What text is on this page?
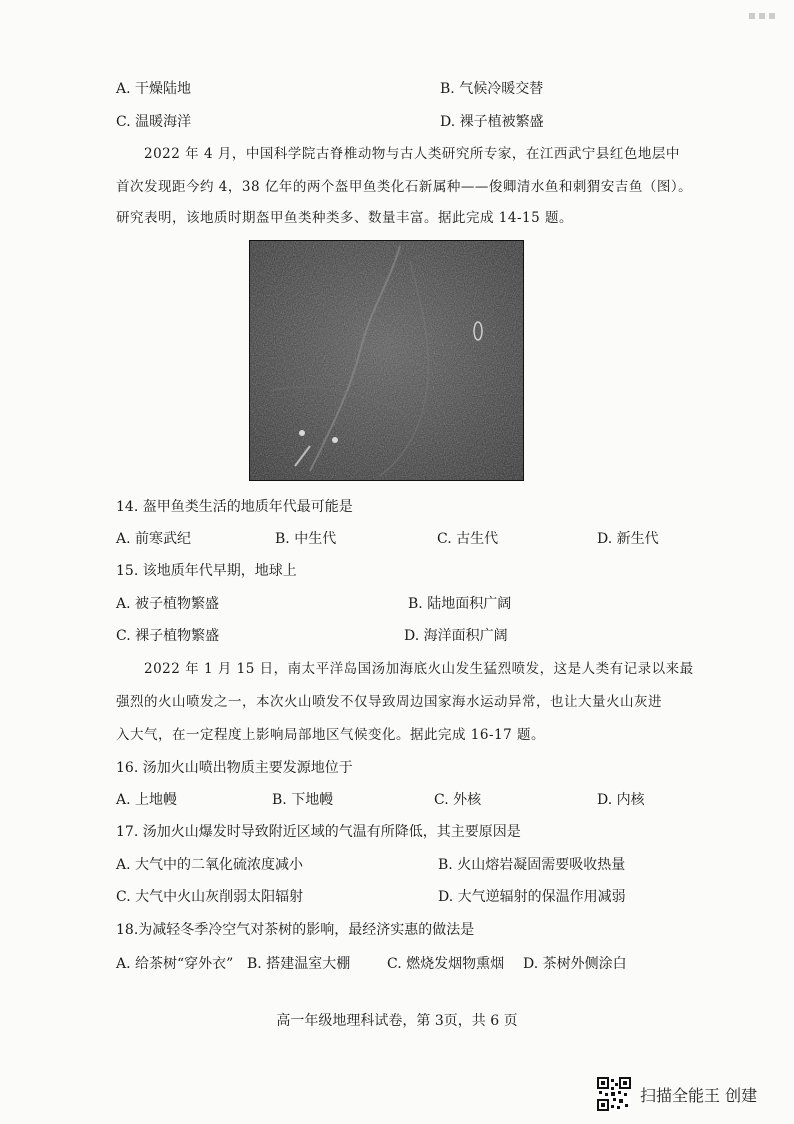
A. 干燥陆地	B. 气候冷暖交替
C. 温暖海洋	D. 裸子植被繁盛
2022 年 4 月，中国科学院古脊椎动物与古人类研究所专家，在江西武宁县红色地层中
首次发现距今约 4，38 亿年的两个盔甲鱼类化石新属种——俊卿清水鱼和刺猬安吉鱼（图）。
研究表明，该地质时期盔甲鱼类种类多、数量丰富。据此完成 14-15 题。
14. 盔甲鱼类生活的地质年代最可能是
A. 前寒武纪	B. 中生代	C. 古生代	D. 新生代
15. 该地质年代早期，地球上
A. 被子植物繁盛	B. 陆地面积广阔
C. 裸子植物繁盛	D. 海洋面积广阔
2022 年 1 月 15 日，南太平洋岛国汤加海底火山发生猛烈喷发，这是人类有记录以来最
强烈的火山喷发之一，本次火山喷发不仅导致周边国家海水运动异常，也让大量火山灰进
入大气，在一定程度上影响局部地区气候变化。据此完成 16-17 题。
16. 汤加火山喷出物质主要发源地位于
A. 上地幔	B. 下地幔	C. 外核	D. 内核
17. 汤加火山爆发时导致附近区域的气温有所降低，其主要原因是
A. 大气中的二氧化硫浓度减小	B. 火山熔岩凝固需要吸收热量
C. 大气中火山灰削弱太阳辐射	D. 大气逆辐射的保温作用减弱
18.为减轻冬季冷空气对茶树的影响，最经济实惠的做法是
A. 给茶树“穿外衣” B. 搭建温室大棚	C. 燃烧发烟物熏烟 D. 茶树外侧涂白
高一年级地理科试卷，第 3页，共 6 页
扫描全能王 创建
